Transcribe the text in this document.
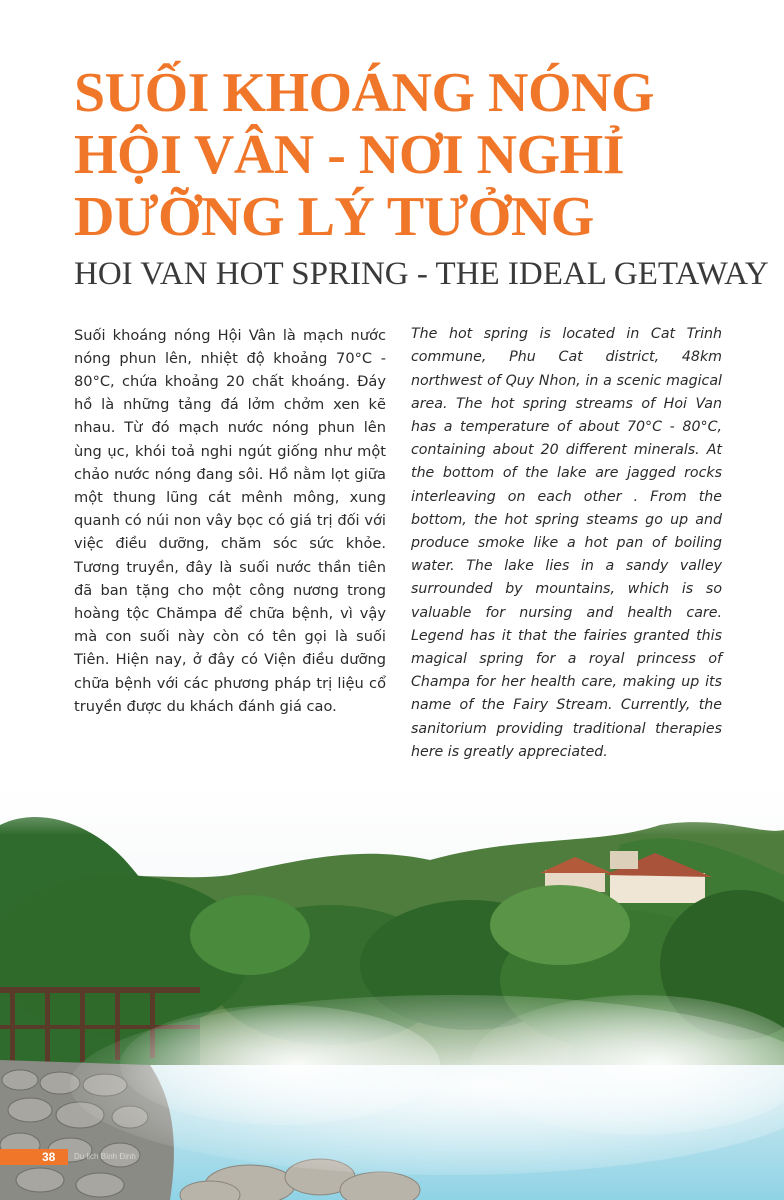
SUỐI KHOÁNG NÓNG
HỘI VÂN - NƠI NGHỈ
DƯỠNG LÝ TƯỞNG
HOI VAN HOT SPRING - THE IDEAL GETAWAY

Suối khoáng nóng Hội Vân là mạch nước nóng phun lên, nhiệt độ khoảng 70°C - 80°C, chứa khoảng 20 chất khoáng. Đáy hồ là những tảng đá lởm chởm xen kẽ nhau. Từ đó mạch nước nóng phun lên ùng ục, khói toả nghi ngút giống như một chảo nước nóng đang sôi. Hồ nằm lọt giữa một thung lũng cát mênh mông, xung quanh có núi non vây bọc có giá trị đối với việc điều dưỡng, chăm sóc sức khỏe. Tương truyền, đây là suối nước thần tiên đã ban tặng cho một công nương trong hoàng tộc Chămpa để chữa bệnh, vì vậy mà con suối này còn có tên gọi là suối Tiên. Hiện nay, ở đây có Viện điều dưỡng chữa bệnh với các phương pháp trị liệu cổ truyền được du khách đánh giá cao.

The hot spring is located in Cat Trinh commune, Phu Cat district, 48km northwest of Quy Nhon, in a scenic magical area. The hot spring streams of Hoi Van has a temperature of about 70°C - 80°C, containing about 20 different minerals. At the bottom of the lake are jagged rocks interleaving on each other . From the bottom, the hot spring steams go up and produce smoke like a hot pan of boiling water. The lake lies in a sandy valley surrounded by mountains, which is so valuable for nursing and health care. Legend has it that the fairies granted this magical spring for a royal princess of Champa for her health care, making up its name of the Fairy Stream. Currently, the sanitorium providing traditional therapies here is greatly appreciated.

38 Du lịch Bình Định
